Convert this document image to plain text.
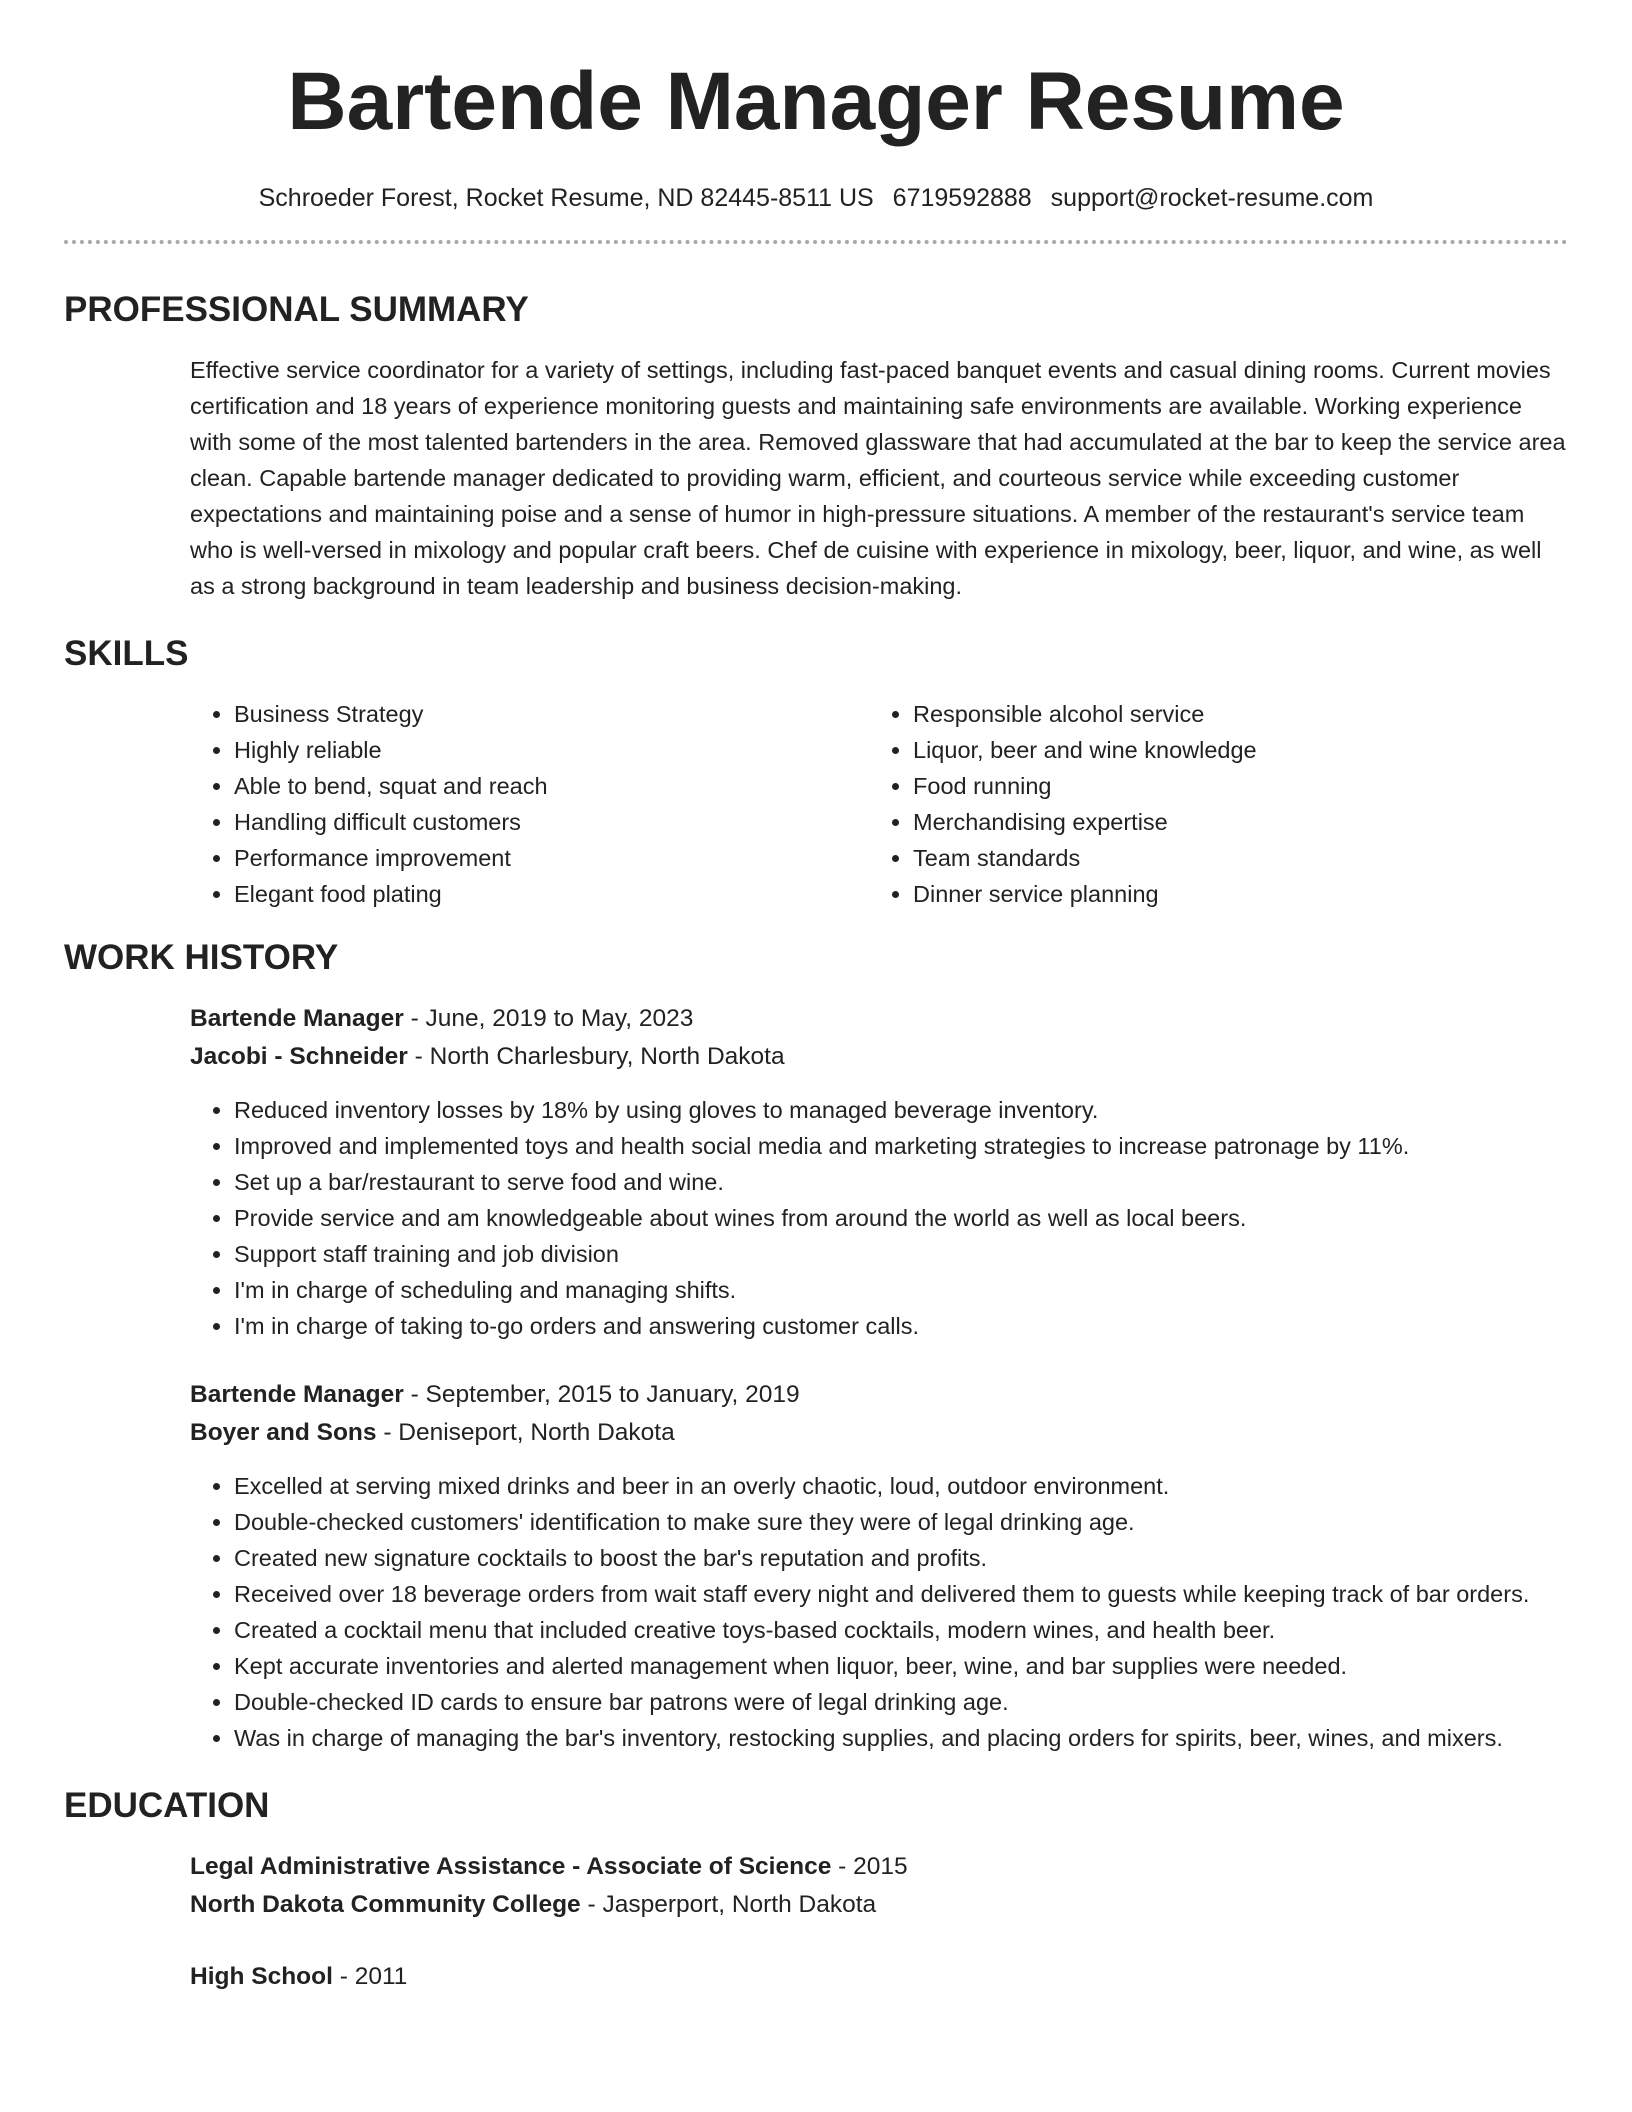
Bartende Manager Resume
Schroeder Forest, Rocket Resume, ND 82445-8511 US 6719592888 support@rocket-resume.com
PROFESSIONAL SUMMARY

Effective service coordinator for a variety of settings, including fast-paced banquet events and casual dining rooms. Current movies certification and 18 years of experience monitoring guests and maintaining safe environments are available. Working experience with some of the most talented bartenders in the area. Removed glassware that had accumulated at the bar to keep the service area clean. Capable bartende manager dedicated to providing warm, efficient, and courteous service while exceeding customer expectations and maintaining poise and a sense of humor in high-pressure situations. A member of the restaurant's service team who is well-versed in mixology and popular craft beers. Chef de cuisine with experience in mixology, beer, liquor, and wine, as well as a strong background in team leadership and business decision-making.

SKILLS
• Business Strategy
• Highly reliable
• Able to bend, squat and reach
• Handling difficult customers
• Performance improvement
• Elegant food plating
• Responsible alcohol service
• Liquor, beer and wine knowledge
• Food running
• Merchandising expertise
• Team standards
• Dinner service planning
WORK HISTORY
Bartende Manager - June, 2019 to May, 2023
Jacobi - Schneider - North Charlesbury, North Dakota
• Reduced inventory losses by 18% by using gloves to managed beverage inventory.
• Improved and implemented toys and health social media and marketing strategies to increase patronage by 11%.
• Set up a bar/restaurant to serve food and wine.
• Provide service and am knowledgeable about wines from around the world as well as local beers.
• Support staff training and job division
• I'm in charge of scheduling and managing shifts.
• I'm in charge of taking to-go orders and answering customer calls.
Bartende Manager - September, 2015 to January, 2019
Boyer and Sons - Deniseport, North Dakota
• Excelled at serving mixed drinks and beer in an overly chaotic, loud, outdoor environment.
• Double-checked customers' identification to make sure they were of legal drinking age.
• Created new signature cocktails to boost the bar's reputation and profits.
• Received over 18 beverage orders from wait staff every night and delivered them to guests while keeping track of bar orders.
• Created a cocktail menu that included creative toys-based cocktails, modern wines, and health beer.
• Kept accurate inventories and alerted management when liquor, beer, wine, and bar supplies were needed.
• Double-checked ID cards to ensure bar patrons were of legal drinking age.
• Was in charge of managing the bar's inventory, restocking supplies, and placing orders for spirits, beer, wines, and mixers.
EDUCATION
Legal Administrative Assistance - Associate of Science - 2015
North Dakota Community College - Jasperport, North Dakota
High School - 2011
